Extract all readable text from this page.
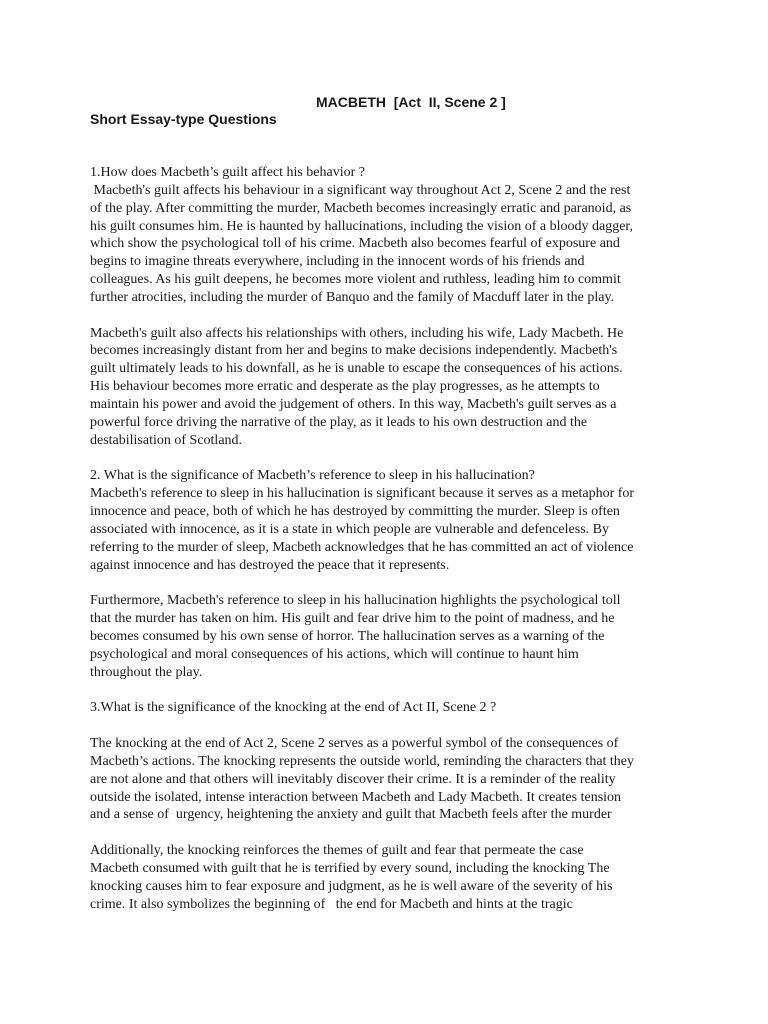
MACBETH  [Act  II, Scene 2 ]
Short Essay-type Questions

1.How does Macbeth’s guilt affect his behavior ?

Macbeth's guilt affects his behaviour in a significant way throughout Act 2, Scene 2 and the rest

of the play. After committing the murder, Macbeth becomes increasingly erratic and paranoid, as

his guilt consumes him. He is haunted by hallucinations, including the vision of a bloody dagger,

which show the psychological toll of his crime. Macbeth also becomes fearful of exposure and

begins to imagine threats everywhere, including in the innocent words of his friends and

colleagues. As his guilt deepens, he becomes more violent and ruthless, leading him to commit

further atrocities, including the murder of Banquo and the family of Macduff later in the play.

Macbeth's guilt also affects his relationships with others, including his wife, Lady Macbeth. He

becomes increasingly distant from her and begins to make decisions independently. Macbeth's

guilt ultimately leads to his downfall, as he is unable to escape the consequences of his actions.

His behaviour becomes more erratic and desperate as the play progresses, as he attempts to

maintain his power and avoid the judgement of others. In this way, Macbeth's guilt serves as a

powerful force driving the narrative of the play, as it leads to his own destruction and the

destabilisation of Scotland.

2. What is the significance of Macbeth’s reference to sleep in his hallucination?

Macbeth's reference to sleep in his hallucination is significant because it serves as a metaphor for

innocence and peace, both of which he has destroyed by committing the murder. Sleep is often

associated with innocence, as it is a state in which people are vulnerable and defenceless. By

referring to the murder of sleep, Macbeth acknowledges that he has committed an act of violence

against innocence and has destroyed the peace that it represents.

Furthermore, Macbeth's reference to sleep in his hallucination highlights the psychological toll

that the murder has taken on him. His guilt and fear drive him to the point of madness, and he

becomes consumed by his own sense of horror. The hallucination serves as a warning of the

psychological and moral consequences of his actions, which will continue to haunt him

throughout the play.

3.What is the significance of the knocking at the end of Act II, Scene 2 ?

The knocking at the end of Act 2, Scene 2 serves as a powerful symbol of the consequences of

Macbeth’s actions. The knocking represents the outside world, reminding the characters that they

are not alone and that others will inevitably discover their crime. It is a reminder of the reality

outside the isolated, intense interaction between Macbeth and Lady Macbeth. It creates tension

and a sense of  urgency, heightening the anxiety and guilt that Macbeth feels after the murder

Additionally, the knocking reinforces the themes of guilt and fear that permeate the case

Macbeth consumed with guilt that he is terrified by every sound, including the knocking The

knocking causes him to fear exposure and judgment, as he is well aware of the severity of his

crime. It also symbolizes the beginning of   the end for Macbeth and hints at the tragic
